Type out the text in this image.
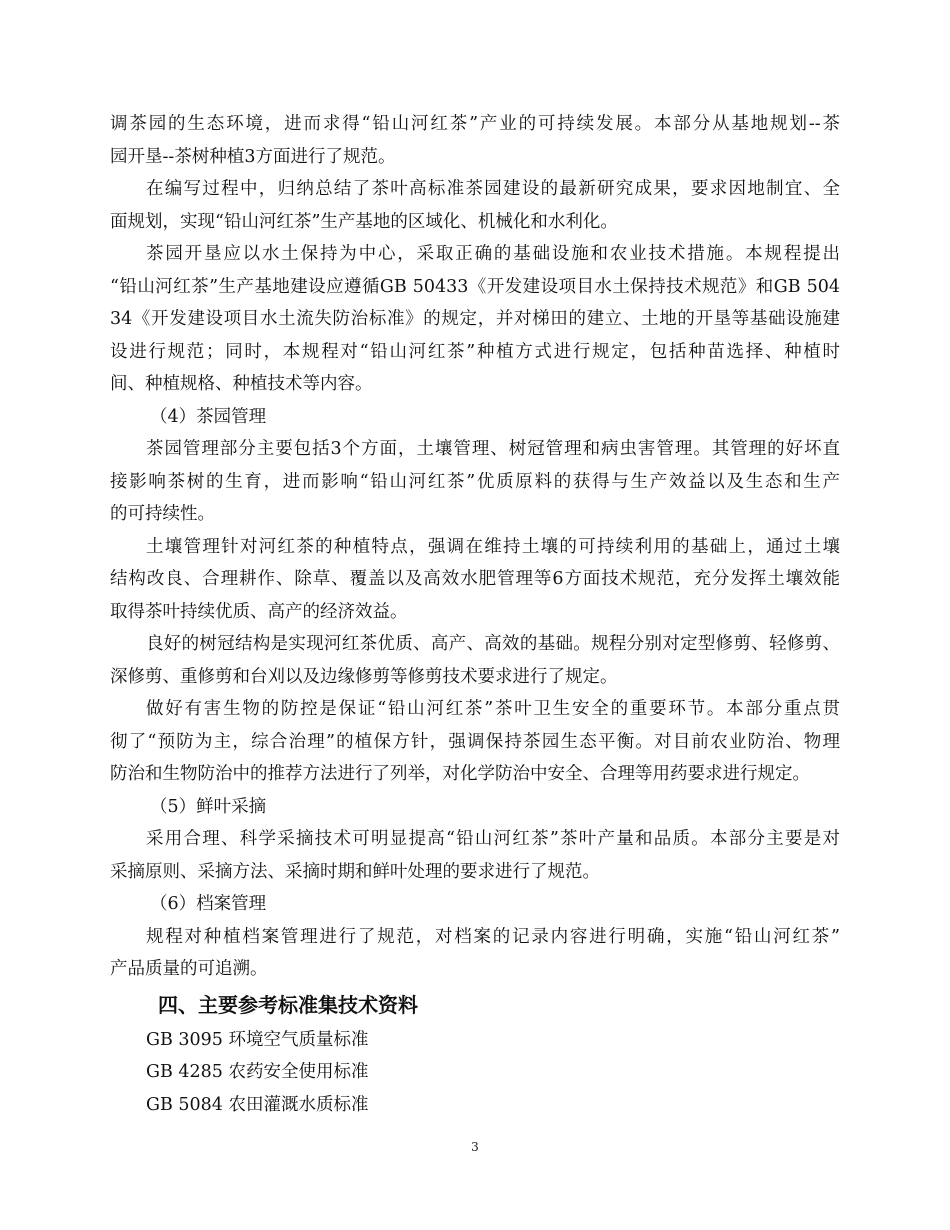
调茶园的生态环境，进而求得“铅山河红茶”产业的可持续发展。本部分从基地规划--茶

园开垦--茶树种植3方面进行了规范。

在编写过程中，归纳总结了茶叶高标准茶园建设的最新研究成果，要求因地制宜、全

面规划，实现“铅山河红茶”生产基地的区域化、机械化和水利化。

茶园开垦应以水土保持为中心，采取正确的基础设施和农业技术措施。本规程提出

“铅山河红茶”生产基地建设应遵循GB 50433《开发建设项目水土保持技术规范》和GB 504

34《开发建设项目水土流失防治标准》的规定，并对梯田的建立、土地的开垦等基础设施建

设进行规范；同时，本规程对“铅山河红茶”种植方式进行规定，包括种苗选择、种植时

间、种植规格、种植技术等内容。

（4）茶园管理

茶园管理部分主要包括3个方面，土壤管理、树冠管理和病虫害管理。其管理的好坏直

接影响茶树的生育，进而影响“铅山河红茶”优质原料的获得与生产效益以及生态和生产

的可持续性。

土壤管理针对河红茶的种植特点，强调在维持土壤的可持续利用的基础上，通过土壤

结构改良、合理耕作、除草、覆盖以及高效水肥管理等6方面技术规范，充分发挥土壤效能

取得茶叶持续优质、高产的经济效益。

良好的树冠结构是实现河红茶优质、高产、高效的基础。规程分别对定型修剪、轻修剪、

深修剪、重修剪和台刈以及边缘修剪等修剪技术要求进行了规定。

做好有害生物的防控是保证“铅山河红茶”茶叶卫生安全的重要环节。本部分重点贯

彻了“预防为主，综合治理”的植保方针，强调保持茶园生态平衡。对目前农业防治、物理

防治和生物防治中的推荐方法进行了列举，对化学防治中安全、合理等用药要求进行规定。

（5）鲜叶采摘

采用合理、科学采摘技术可明显提高“铅山河红茶”茶叶产量和品质。本部分主要是对

采摘原则、采摘方法、采摘时期和鲜叶处理的要求进行了规范。

（6）档案管理

规程对种植档案管理进行了规范，对档案的记录内容进行明确，实施“铅山河红茶”

产品质量的可追溯。

四、主要参考标准集技术资料

GB 3095 环境空气质量标准

GB 4285 农药安全使用标准

GB 5084 农田灌溉水质标准

3
